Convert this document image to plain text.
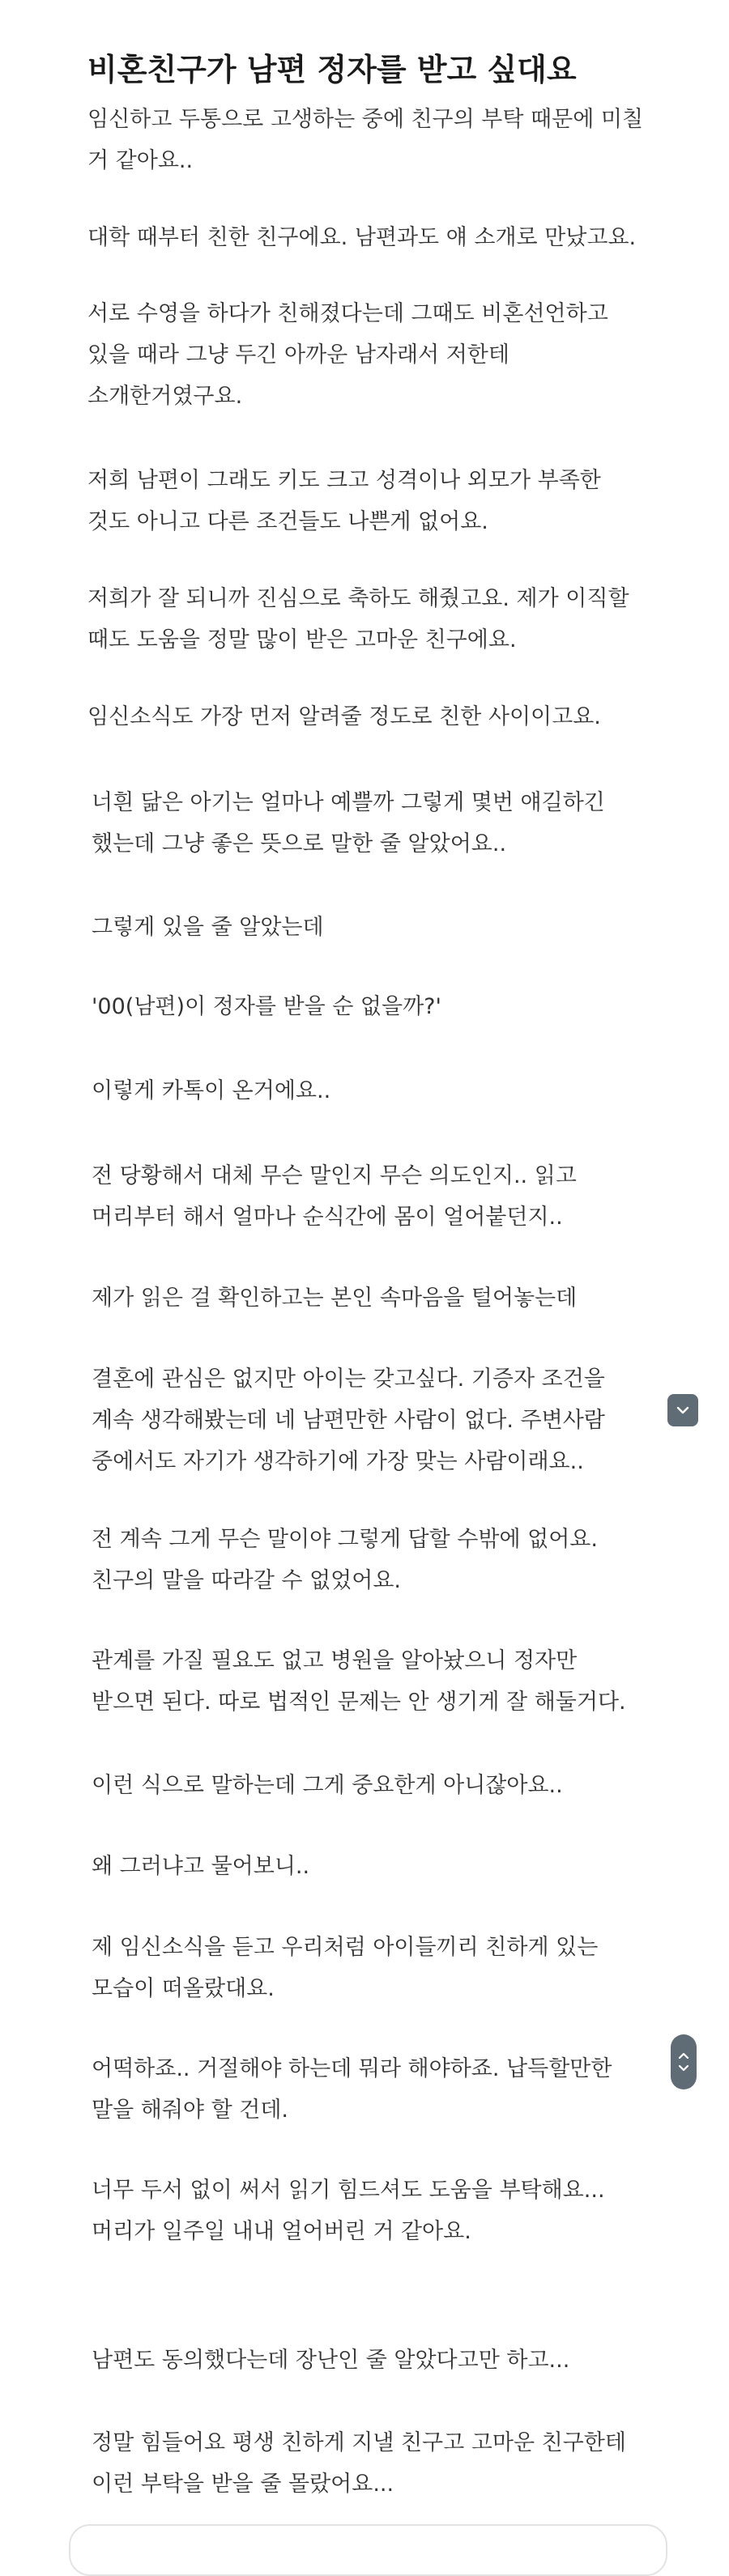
비혼친구가 남편 정자를 받고 싶대요

임신하고 두통으로 고생하는 중에 친구의 부탁 때문에 미칠
거 같아요..

대학 때부터 친한 친구에요. 남편과도 얘 소개로 만났고요.

서로 수영을 하다가 친해졌다는데 그때도 비혼선언하고
있을 때라 그냥 두긴 아까운 남자래서 저한테
소개한거였구요.

저희 남편이 그래도 키도 크고 성격이나 외모가 부족한
것도 아니고 다른 조건들도 나쁜게 없어요.

저희가 잘 되니까 진심으로 축하도 해줬고요. 제가 이직할
때도 도움을 정말 많이 받은 고마운 친구에요.

임신소식도 가장 먼저 알려줄 정도로 친한 사이이고요.

너흰 닮은 아기는 얼마나 예쁠까 그렇게 몇번 얘길하긴
했는데 그냥 좋은 뜻으로 말한 줄 알았어요..

그렇게 있을 줄 알았는데

'00(남편)이 정자를 받을 순 없을까?'

이렇게 카톡이 온거에요..

전 당황해서 대체 무슨 말인지 무슨 의도인지.. 읽고
머리부터 해서 얼마나 순식간에 몸이 얼어붙던지..

제가 읽은 걸 확인하고는 본인 속마음을 털어놓는데

결혼에 관심은 없지만 아이는 갖고싶다. 기증자 조건을
계속 생각해봤는데 네 남편만한 사람이 없다. 주변사람
중에서도 자기가 생각하기에 가장 맞는 사람이래요..

전 계속 그게 무슨 말이야 그렇게 답할 수밖에 없어요.
친구의 말을 따라갈 수 없었어요.

관계를 가질 필요도 없고 병원을 알아놨으니 정자만
받으면 된다. 따로 법적인 문제는 안 생기게 잘 해둘거다.

이런 식으로 말하는데 그게 중요한게 아니잖아요..

왜 그러냐고 물어보니..

제 임신소식을 듣고 우리처럼 아이들끼리 친하게 있는
모습이 떠올랐대요.

어떡하죠.. 거절해야 하는데 뭐라 해야하죠. 납득할만한
말을 해줘야 할 건데.

너무 두서 없이 써서 읽기 힘드셔도 도움을 부탁해요...
머리가 일주일 내내 얼어버린 거 같아요.

남편도 동의했다는데 장난인 줄 알았다고만 하고...

정말 힘들어요 평생 친하게 지낼 친구고 고마운 친구한테
이런 부탁을 받을 줄 몰랐어요...
